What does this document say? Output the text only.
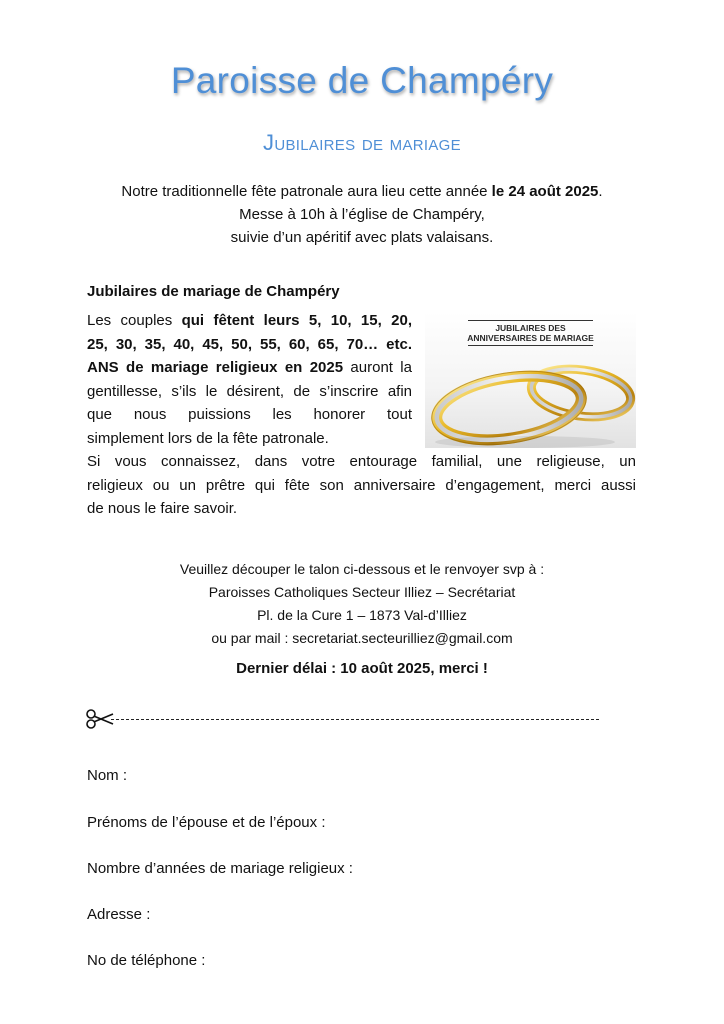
Paroisse de Champéry
Jubilaires de mariage
Notre traditionnelle fête patronale aura lieu cette année le 24 août 2025.
Messe à 10h à l’église de Champéry,
suivie d’un apéritif avec plats valaisans.
Jubilaires de mariage de Champéry
Les couples qui fêtent leurs 5, 10, 15, 20,
25, 30, 35, 40, 45, 50, 55, 60, 65, 70… etc.
ANS de mariage religieux en 2025 auront la
gentillesse, s’ils le désirent, de s’inscrire afin
que nous puissions les honorer tout
simplement lors de la fête patronale.
JUBILAIRES DES
ANNIVERSAIRES DE MARIAGE
Si vous connaissez, dans votre entourage familial, une religieuse, un
religieux ou un prêtre qui fête son anniversaire d’engagement, merci aussi
de nous le faire savoir.
Veuillez découper le talon ci-dessous et le renvoyer svp à :
Paroisses Catholiques Secteur Illiez – Secrétariat
Pl. de la Cure 1 – 1873 Val-d’Illiez
ou par mail : secretariat.secteurilliez@gmail.com
Dernier délai : 10 août 2025, merci !
Nom :
Prénoms de l’épouse et de l’époux :
Nombre d’années de mariage religieux :
Adresse :
No de téléphone :
